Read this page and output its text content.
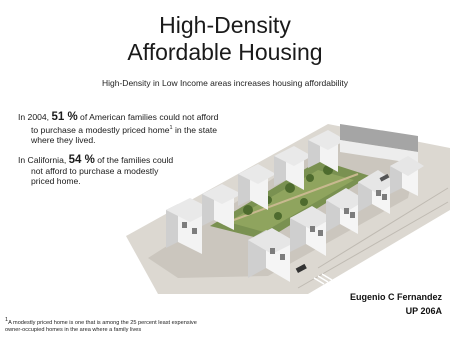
High-Density
Affordable Housing
High-Density in Low Income areas increases housing affordability
In 2004, 51 % of American families could not afford
to purchase a modestly priced home$^1$ in the state
where they lived.
In California, 54 % of the families could
not afford to purchase a modestly
priced home.
Eugenio C Fernandez
UP 206A
1A modestly priced home is one that is among the 25 percent least expensive
owner-occupied homes in the area where a family lives
